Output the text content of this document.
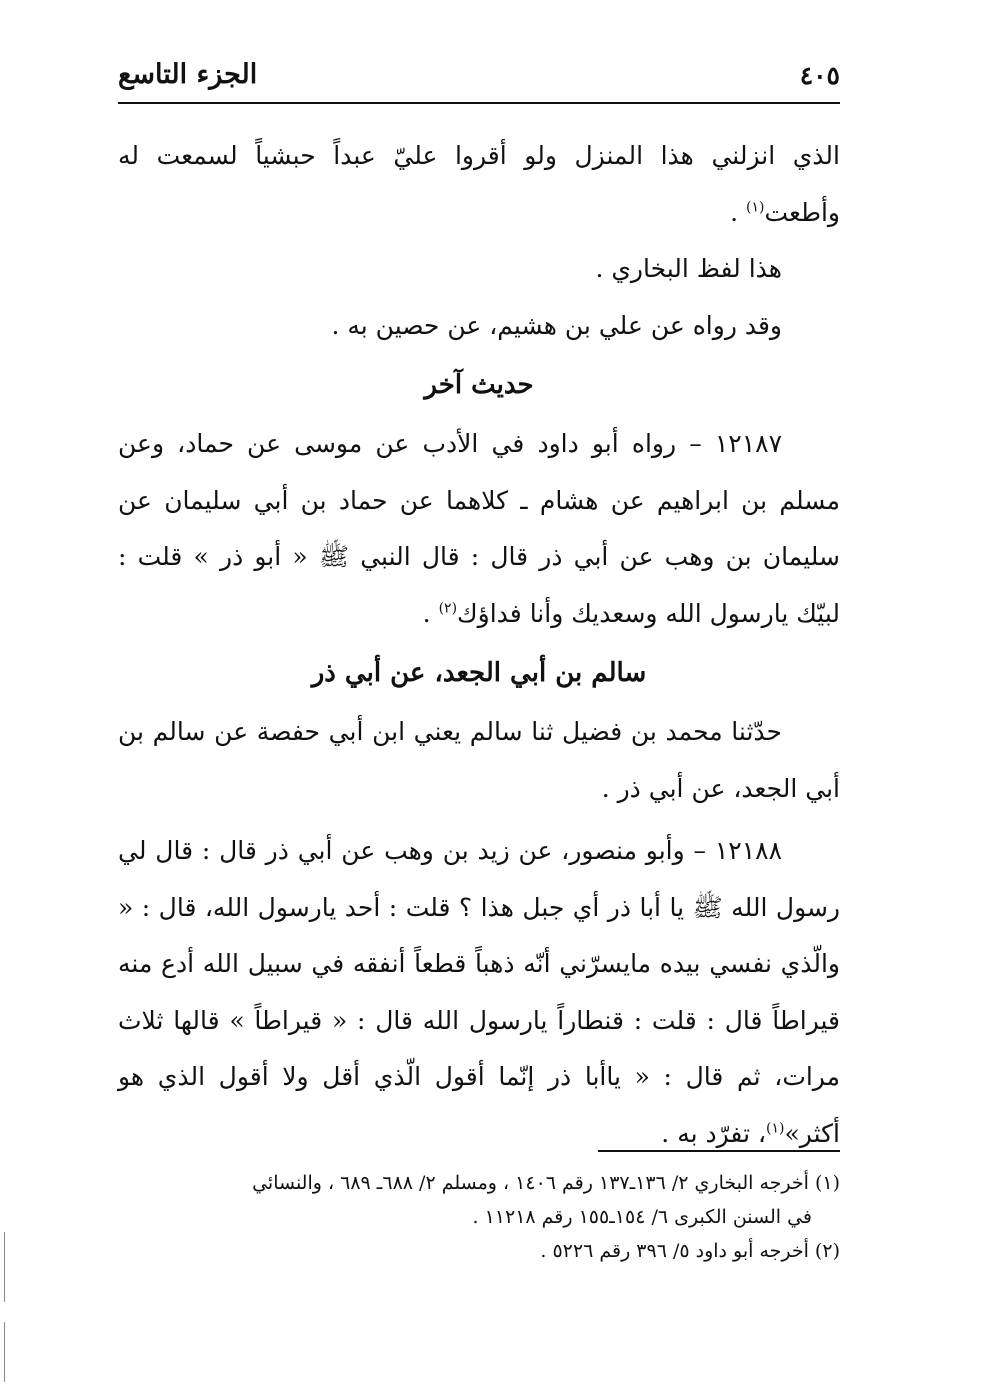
الجزء التاسع	٤٠٥

الذي انزلني هذا المنزل ولو أقروا عليّ عبداً حبشياً لسمعت له وأطعت$^{(١)}$ .

هذا لفظ البخاري .

وقد رواه عن علي بن هشيم، عن حصين به .

حديث آخر

١٢١٨٧ – رواه أبو داود في الأدب عن موسى عن حماد، وعن مسلم بن ابراهيم عن هشام ـ كلاهما عن حماد بن أبي سليمان عن سليمان بن وهب عن أبي ذر قال : قال النبي ﷺ « أبو ذر » قلت : لبيّك يارسول الله وسعديك وأنا فداؤك$^{(٢)}$ .

سالم بن أبي الجعد، عن أبي ذر

حدّثنا محمد بن فضيل ثنا سالم يعني ابن أبي حفصة عن سالم بن أبي الجعد، عن أبي ذر .

١٢١٨٨ – وأبو منصور، عن زيد بن وهب عن أبي ذر قال : قال لي رسول الله ﷺ يا أبا ذر أي جبل هذا ؟ قلت : أحد يارسول الله، قال : « والّذي نفسي بيده مايسرّني أنّه ذهباً قطعاً أنفقه في سبيل الله أدع منه قيراطاً قال : قلت : قنطاراً يارسول الله قال : « قيراطاً » قالها ثلاث مرات، ثم قال : « ياأبا ذر إنّما أقول الّذي أقل ولا أقول الذي هو أكثر»$^{(١)}$، تفرّد به .

(١) أخرجه البخاري ٢/ ١٣٦ـ١٣٧ رقم ١٤٠٦ ، ومسلم ٢/ ٦٨٨ـ ٦٨٩ ، والنسائي

في السنن الكبرى ٦/ ١٥٤ـ١٥٥ رقم ١١٢١٨ .

(٢) أخرجه أبو داود ٥/ ٣٩٦ رقم ٥٢٢٦ .
